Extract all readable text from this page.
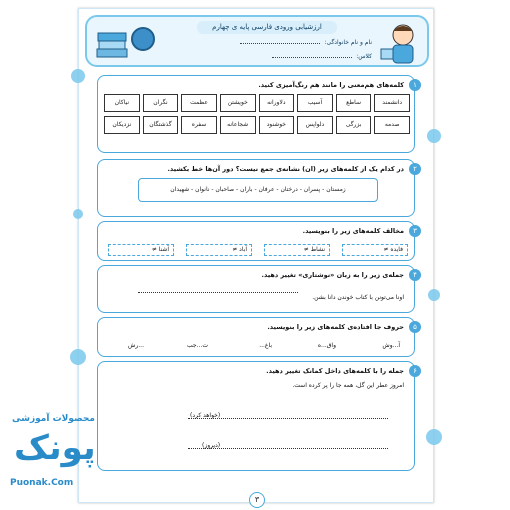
ارزشیابی ورودی فارسی پایه ی چهارم
نام و نام خانوادگی:
کلاس:
۱
کلمه‌های هم‌معنی را مانند هم رنگ‌آمیزی کنید.
دانشمند
ساطع
آسیب
دلاورانه
خویشتن
عظمت
نگران
نیاکان
صدمه
بزرگی
دلواپس
خوشنود
شجاعانه
سفره
گذشتگان
نزدیکان
۲
در کدام یک از کلمه‌های زیر (ان) نشانه‌ی جمع نیست؟ دور آن‌ها خط بکشید.
زمستان - پسران - درختان - عرفان - باران - صاحبان - نانوان - شهیدان
۳
مخالف کلمه‌های زیر را بنویسید.
فایده ≠
نشاط ≠
آباد ≠
آشنا ≠
۴
جمله‌ی زیر را به زبان «نوشتاری» تغییر دهید.
اونا می‌تونن با کتاب خوندن دانا بشن.
۵
حروف جا افتاده‌ی کلمه‌های زیر را بنویسید.
آ...وش
واق...ه
باغ...
ت...جب
...رش
۶
جمله را با کلمه‌های داخل کمانک تغییر دهید.
امروز عطر این گل، همه جا را پر کرده است.
(خواهد کرد)
(دیروز)
۳
محصولات آموزشی
پونک
Puonak.Com
